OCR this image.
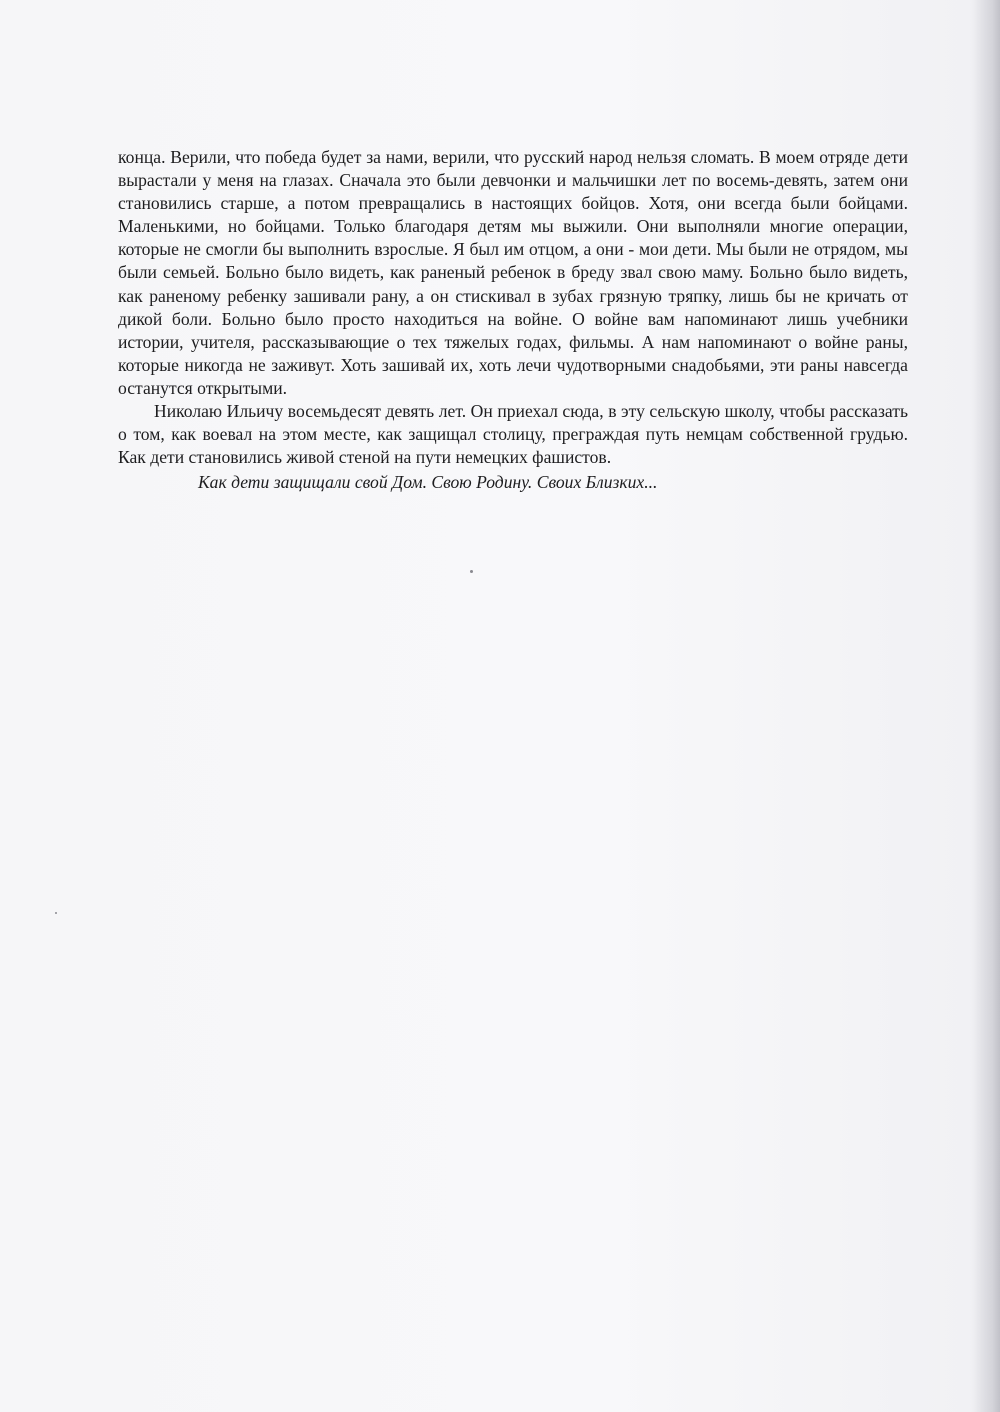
конца. Верили, что победа будет за нами, верили, что русский народ нельзя сломать. В моем отряде дети вырастали у меня на глазах. Сначала это были девчонки и мальчишки лет по восемь-девять, затем они становились старше, а потом превращались в настоящих бойцов. Хотя, они всегда были бойцами. Маленькими, но бойцами. Только благодаря детям мы выжили. Они выполняли многие операции, которые не смогли бы выполнить взрослые. Я был им отцом, а они - мои дети. Мы были не отрядом, мы были семьей. Больно было видеть, как раненый ребенок в бреду звал свою маму. Больно было видеть, как раненому ребенку зашивали рану, а он стискивал в зубах грязную тряпку, лишь бы не кричать от дикой боли. Больно было просто находиться на войне. О войне вам напоминают лишь учебники истории, учителя, рассказывающие о тех тяжелых годах, фильмы. А нам напоминают о войне раны, которые никогда не заживут. Хоть зашивай их, хоть лечи чудотворными снадобьями, эти раны навсегда останутся открытыми.

Николаю Ильичу восемьдесят девять лет. Он приехал сюда, в эту сельскую школу, чтобы рассказать о том, как воевал на этом месте, как защищал столицу, преграждая путь немцам собственной грудью. Как дети становились живой стеной на пути немецких фашистов.

Как дети защищали свой Дом. Свою Родину. Своих Близких...
